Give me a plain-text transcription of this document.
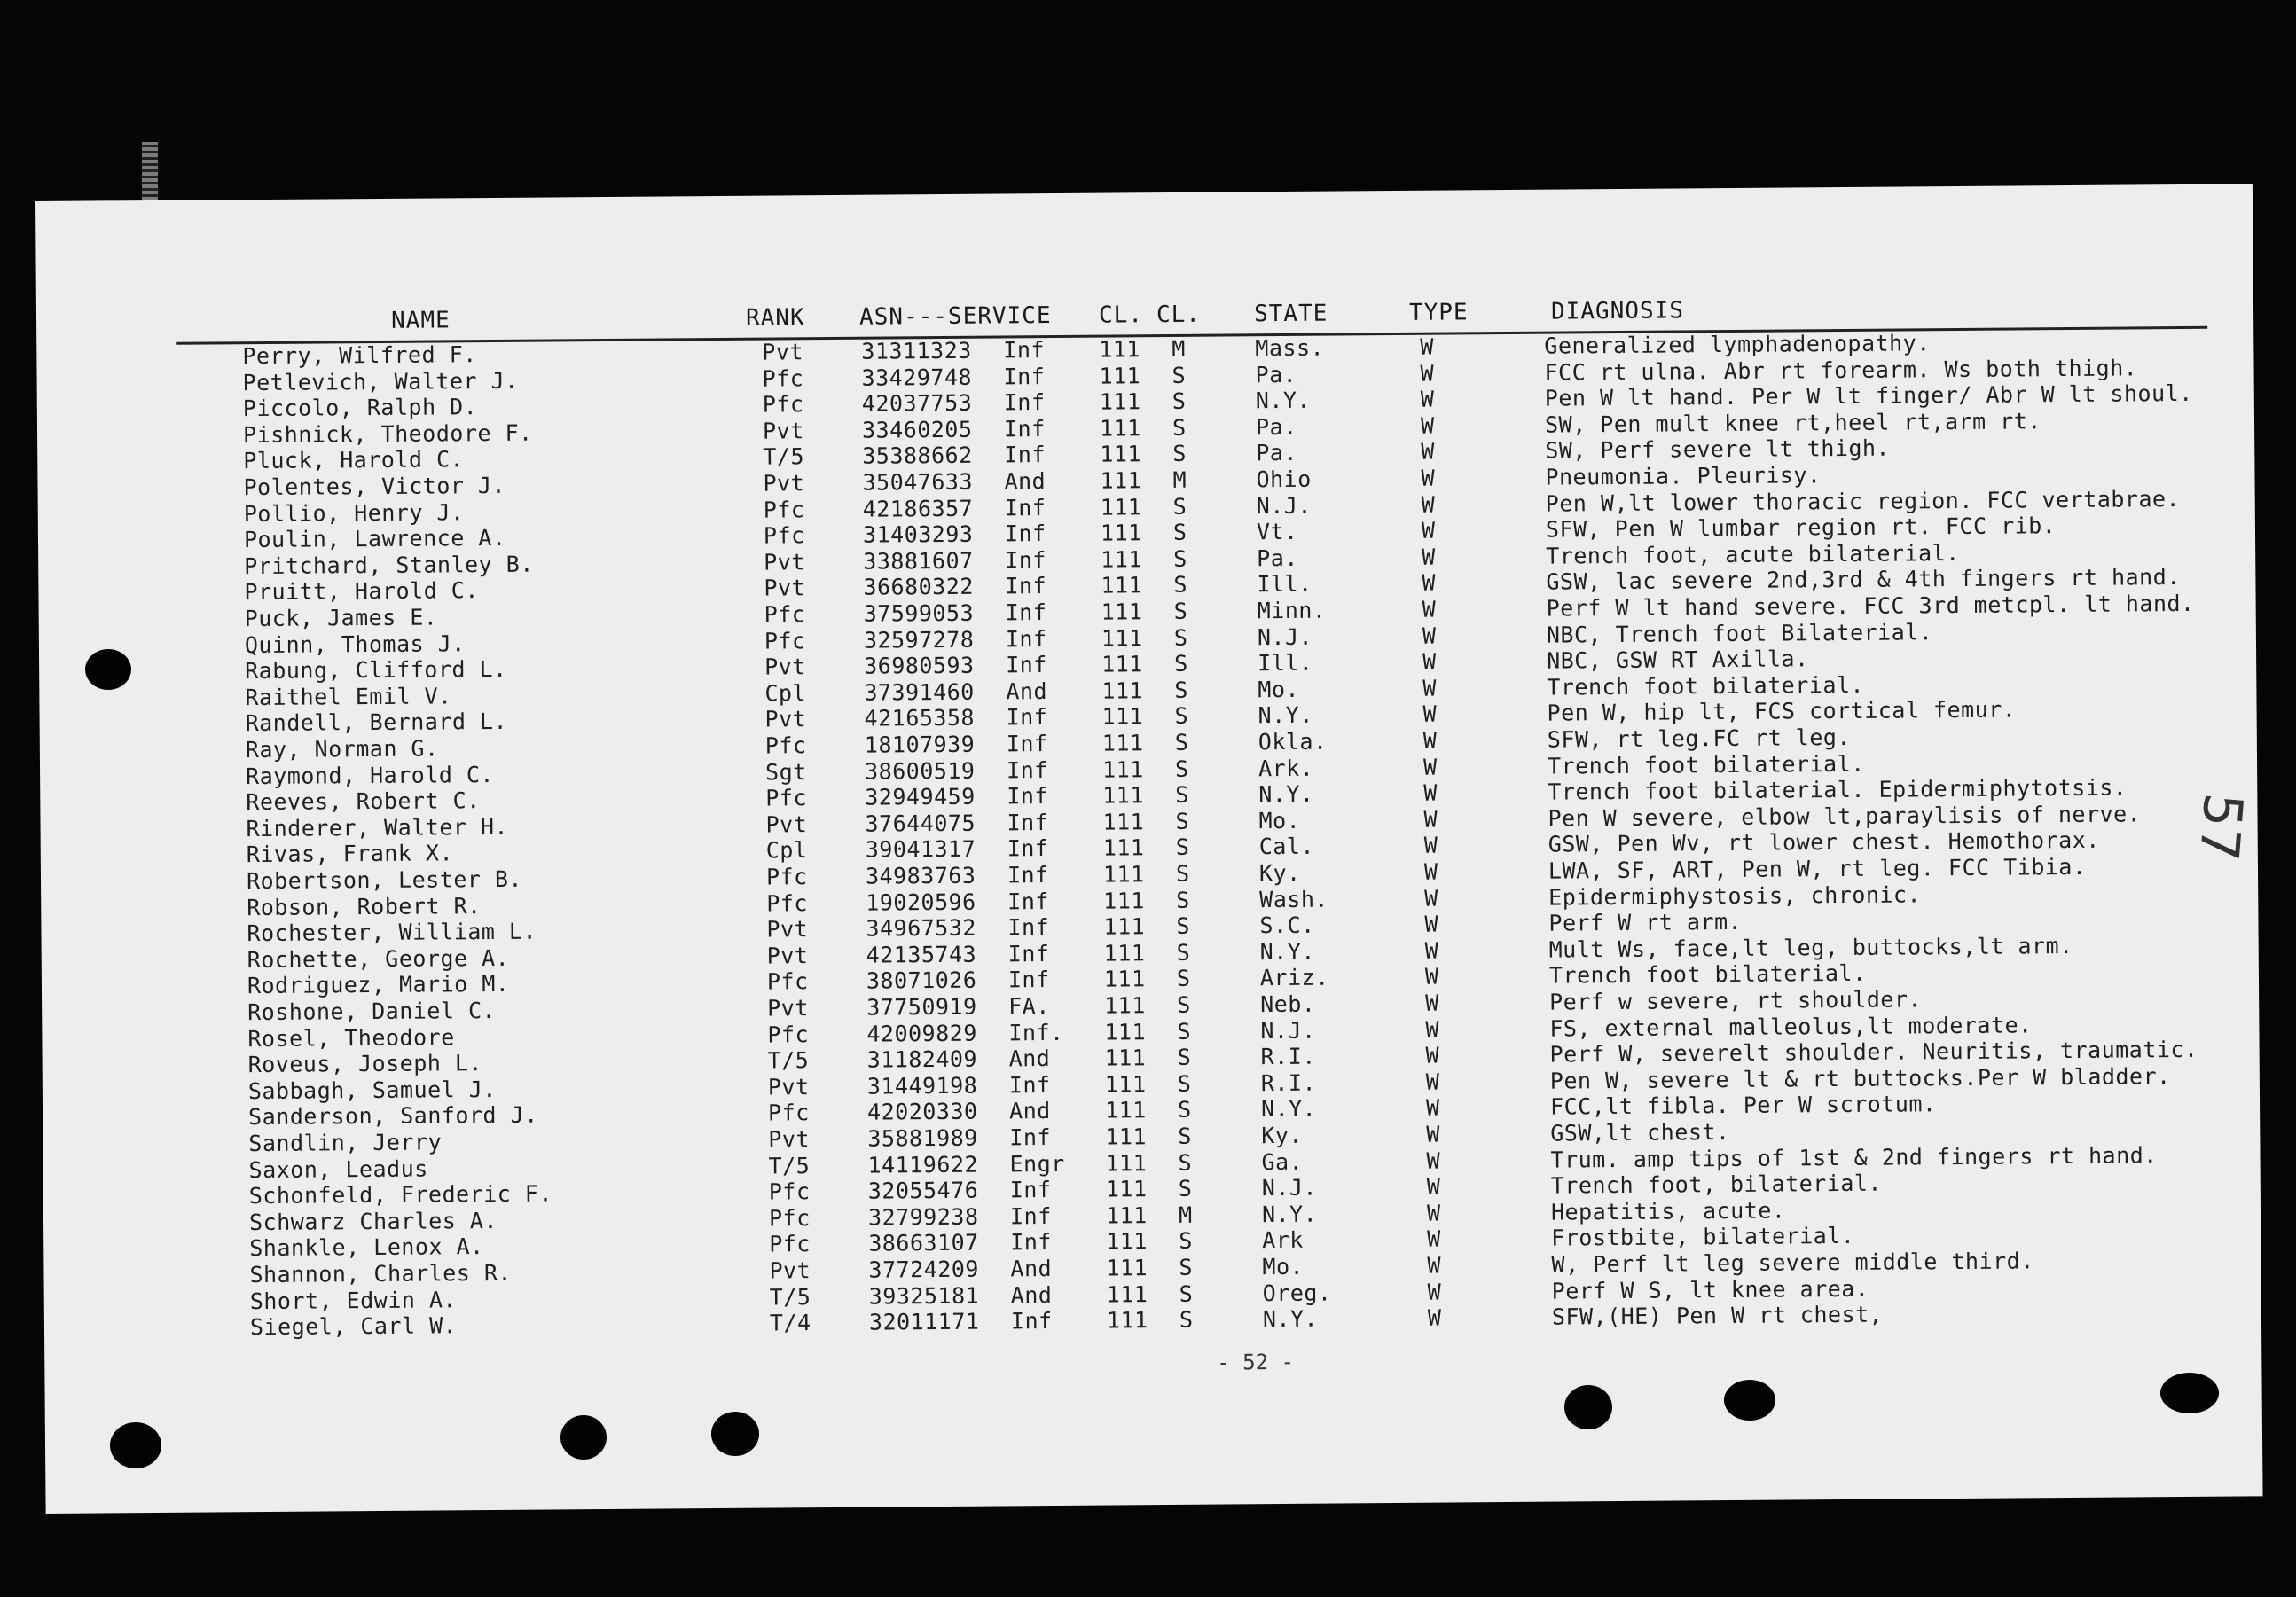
NAME	RANK ASN---SERVICE CL. CL. STATE	TYPE	DIAGNOSIS
Perry, Wilfred F.	Pvt	31311323 Inf 111 M	Mass.	W	Generalized lymphadenopathy.
Petlevich, Walter J.	Pfc	33429748 Inf 111 S	Pa.	W	FCC rt ulna. Abr rt forearm. Ws both thigh.
Piccolo, Ralph D.	Pfc	42037753 Inf 111 S	N.Y.	W	Pen W lt hand. Per W lt finger/ Abr W lt shoul.
Pishnick, Theodore F.	Pvt	33460205 Inf 111 S	Pa.	W	SW, Pen mult knee rt,heel rt,arm rt.
Pluck, Harold C.	T/5	35388662 Inf 111 S	Pa.	W	SW, Perf severe lt thigh.
Polentes, Victor J.	Pvt	35047633 And 111 M	Ohio	W	Pneumonia. Pleurisy.
Pollio, Henry J.	Pfc	42186357 Inf 111 S	N.J.	W	Pen W,lt lower thoracic region. FCC vertabrae.
Poulin, Lawrence A.	Pfc	31403293 Inf 111 S	Vt.	W	SFW, Pen W lumbar region rt. FCC rib.
Pritchard, Stanley B.	Pvt	33881607 Inf 111 S	Pa.	W	Trench foot, acute bilaterial.
Pruitt, Harold C.	Pvt	36680322 Inf 111 S	Ill.	W	GSW, lac severe 2nd,3rd & 4th fingers rt hand.
Puck, James E.	Pfc	37599053 Inf 111 S	Minn.	W	Perf W lt hand severe. FCC 3rd metcpl. lt hand.
Quinn, Thomas J.	Pfc	32597278 Inf 111 S	N.J.	W	NBC, Trench foot Bilaterial.
Rabung, Clifford L.	Pvt	36980593 Inf 111 S	Ill.	W	NBC, GSW RT Axilla.
Raithel Emil V.	Cpl	37391460 And 111 S	Mo.	W	Trench foot bilaterial.
Randell, Bernard L.	Pvt	42165358 Inf 111 S	N.Y.	W	Pen W, hip lt, FCS cortical femur.
Ray, Norman G.	Pfc	18107939 Inf 111 S	Okla.	W	SFW, rt leg.FC rt leg.
Raymond, Harold C.	Sgt	38600519 Inf 111 S	Ark.	W	Trench foot bilaterial.
Reeves, Robert C.	Pfc	32949459 Inf 111 S	N.Y.	W	Trench foot bilaterial. Epidermiphytotsis.
Rinderer, Walter H.	Pvt	37644075 Inf 111 S	Mo.	W	Pen W severe, elbow lt,paraylisis of nerve.
Rivas, Frank X.	Cpl	39041317 Inf 111 S	Cal.	W	GSW, Pen Wv, rt lower chest. Hemothorax.
Robertson, Lester B.	Pfc	34983763 Inf 111 S	Ky.	W	LWA, SF, ART, Pen W, rt leg. FCC Tibia.
Robson, Robert R.	Pfc	19020596 Inf 111 S	Wash.	W	Epidermiphystosis, chronic.
Rochester, William L.	Pvt	34967532 Inf 111 S	S.C.	W	Perf W rt arm.
Rochette, George A.	Pvt	42135743 Inf 111 S	N.Y.	W	Mult Ws, face,lt leg, buttocks,lt arm.
Rodriguez, Mario M.	Pfc	38071026 Inf 111 S	Ariz.	W	Trench foot bilaterial.
Roshone, Daniel C.	Pvt	37750919 FA. 111 S	Neb.	W	Perf w severe, rt shoulder.
Rosel, Theodore	Pfc	42009829 Inf. 111 S	N.J.	W	FS, external malleolus,lt moderate.
Roveus, Joseph L.	T/5	31182409 And 111 S	R.I.	W	Perf W, severelt shoulder. Neuritis, traumatic.
Sabbagh, Samuel J.	Pvt	31449198 Inf 111 S	R.I.	W	Pen W, severe lt & rt buttocks.Per W bladder.
Sanderson, Sanford J.	Pfc	42020330 And 111 S	N.Y.	W	FCC,lt fibla. Per W scrotum.
Sandlin, Jerry	Pvt	35881989 Inf 111 S	Ky.	W	GSW,lt chest.
Saxon, Leadus	T/5	14119622 Engr 111 S	Ga.	W	Trum. amp tips of 1st & 2nd fingers rt hand.
Schonfeld, Frederic F.	Pfc	32055476 Inf 111 S	N.J.	W	Trench foot, bilaterial.
Schwarz Charles A.	Pfc	32799238 Inf 111 M	N.Y.	W	Hepatitis, acute.
Shankle, Lenox A.	Pfc	38663107 Inf 111 S	Ark	W	Frostbite, bilaterial.
Shannon, Charles R.	Pvt	37724209 And 111 S	Mo.	W	W, Perf lt leg severe middle third.
Short, Edwin A.	T/5	39325181 And 111 S	Oreg.	W	Perf W S, lt knee area.
Siegel, Carl W.	T/4	32011171 Inf 111 S	N.Y.	W	SFW,(HE) Pen W rt chest,
- 52 -
57
